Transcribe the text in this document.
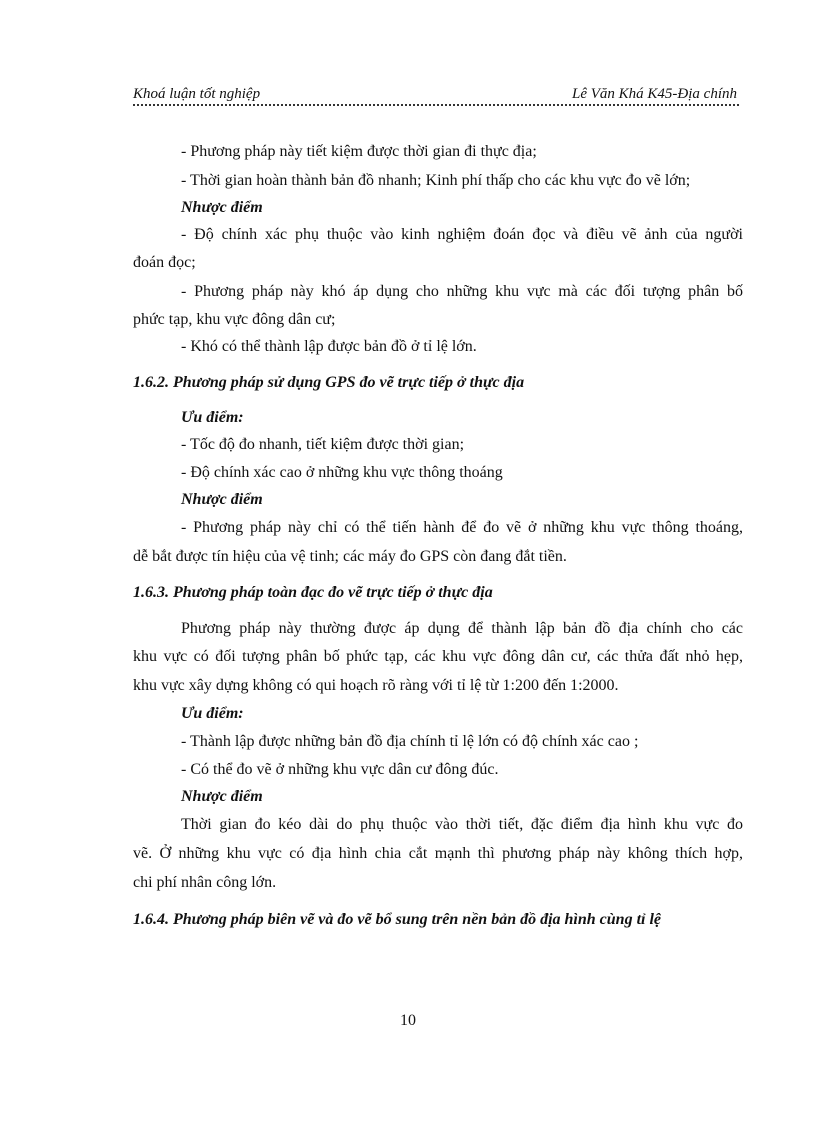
Khoá luận tốt nghiệp	Lê Văn Khá K45-Địa chính
- Phương pháp này tiết kiệm được thời gian đi thực địa;
- Thời gian hoàn thành bản đồ nhanh; Kinh phí thấp cho các khu vực đo vẽ lớn;
Nhược điểm
- Độ chính xác phụ thuộc vào kinh nghiệm đoán đọc và điều vẽ ảnh của người
đoán đọc;
- Phương pháp này khó áp dụng cho những khu vực mà các đối tượng phân bố
phức tạp, khu vực đông dân cư;
- Khó có thể thành lập được bản đồ ở tỉ lệ lớn.
1.6.2. Phương pháp sử dụng GPS đo vẽ trực tiếp ở thực địa
Ưu điểm:
- Tốc độ đo nhanh, tiết kiệm được thời gian;
- Độ chính xác cao ở những khu vực thông thoáng
Nhược điểm
- Phương pháp này chỉ có thể tiến hành để đo vẽ ở những khu vực thông thoáng,
dễ bắt được tín hiệu của vệ tinh; các máy đo GPS còn đang đắt tiền.
1.6.3. Phương pháp toàn đạc đo vẽ trực tiếp ở thực địa
Phương pháp này thường được áp dụng để thành lập bản đồ địa chính cho các
khu vực có đối tượng phân bố phức tạp, các khu vực đông dân cư, các thửa đất nhỏ hẹp,
khu vực xây dựng không có qui hoạch rõ ràng với tỉ lệ từ 1:200 đến 1:2000.
Ưu điểm:
- Thành lập được những bản đồ địa chính tỉ lệ lớn có độ chính xác cao ;
- Có thể đo vẽ ở những khu vực dân cư đông đúc.
Nhược điểm
Thời gian đo kéo dài do phụ thuộc vào thời tiết, đặc điểm địa hình khu vực đo
vẽ. Ở những khu vực có địa hình chia cắt mạnh thì phương pháp này không thích hợp,
chi phí nhân công lớn.
1.6.4. Phương pháp biên vẽ và đo vẽ bổ sung trên nền bản đồ địa hình cùng tỉ lệ
10
